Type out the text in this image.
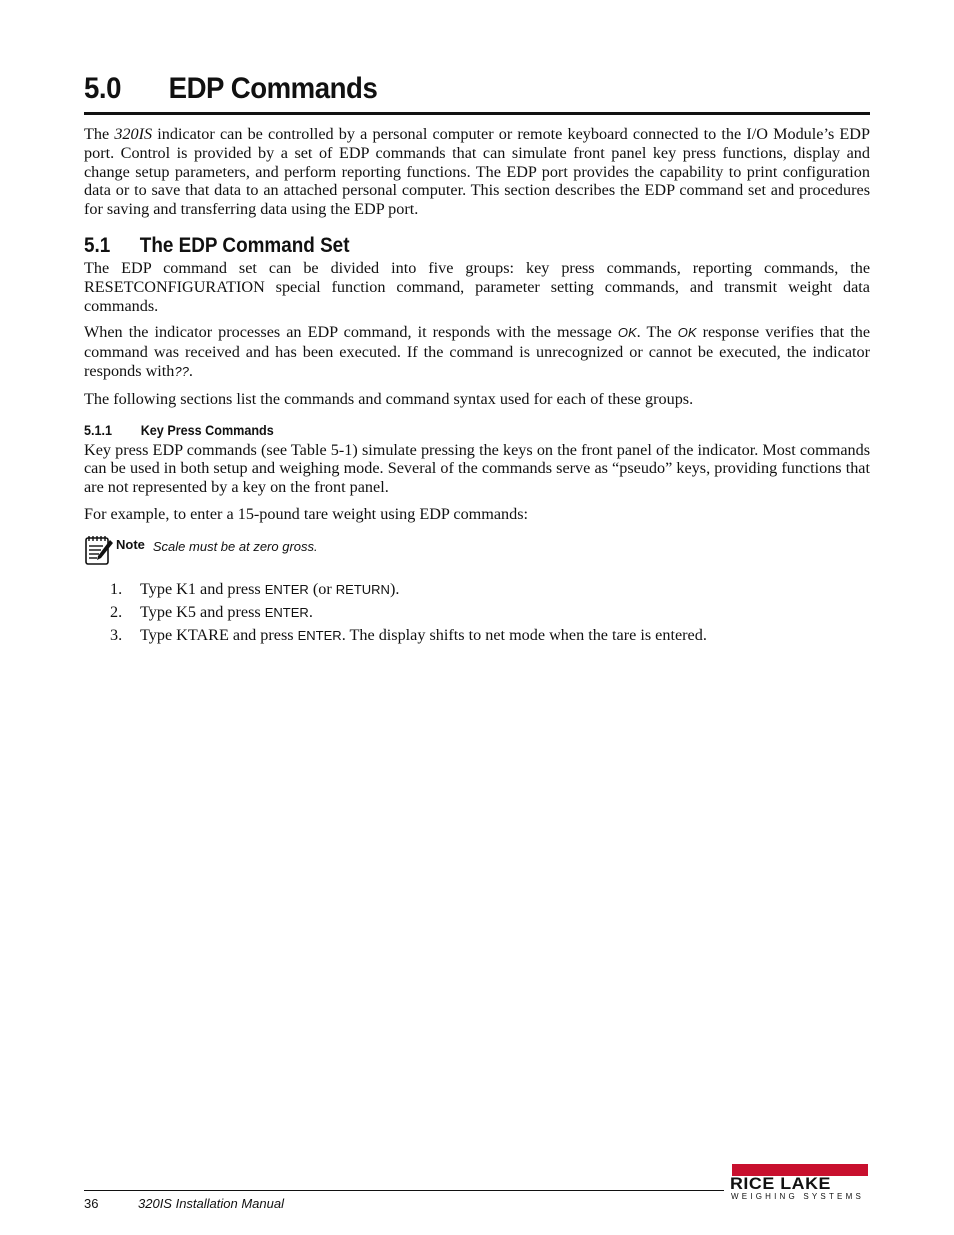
5.0	EDP Commands

The 320IS indicator can be controlled by a personal computer or remote keyboard connected to the I/O Module’s EDP port. Control is provided by a set of EDP commands that can simulate front panel key press functions, display and change setup parameters, and perform reporting functions. The EDP port provides the capability to print configuration data or to save that data to an attached personal computer. This section describes the EDP command set and procedures for saving and transferring data using the EDP port.

5.1	The EDP Command Set

The EDP command set can be divided into five groups: key press commands, reporting commands, the RESETCONFIGURATION special function command, parameter setting commands, and transmit weight data commands.

When the indicator processes an EDP command, it responds with the message OK. The OK response verifies that the command was received and has been executed. If the command is unrecognized or cannot be executed, the indicator responds with??.

The following sections list the commands and command syntax used for each of these groups.

5.1.1	Key Press Commands

Key press EDP commands (see Table 5-1) simulate pressing the keys on the front panel of the indicator. Most commands can be used in both setup and weighing mode. Several of the commands serve as “pseudo” keys, providing functions that are not represented by a key on the front panel.

For example, to enter a 15-pound tare weight using EDP commands:

Note Scale must be at zero gross.
1.	Type K1 and press ENTER (or RETURN).
2.	Type K5 and press ENTER.
3.	Type KTARE and press ENTER. The display shifts to net mode when the tare is entered.
36	320IS Installation Manual
RICE LAKE
WEIGHING SYSTEMS
